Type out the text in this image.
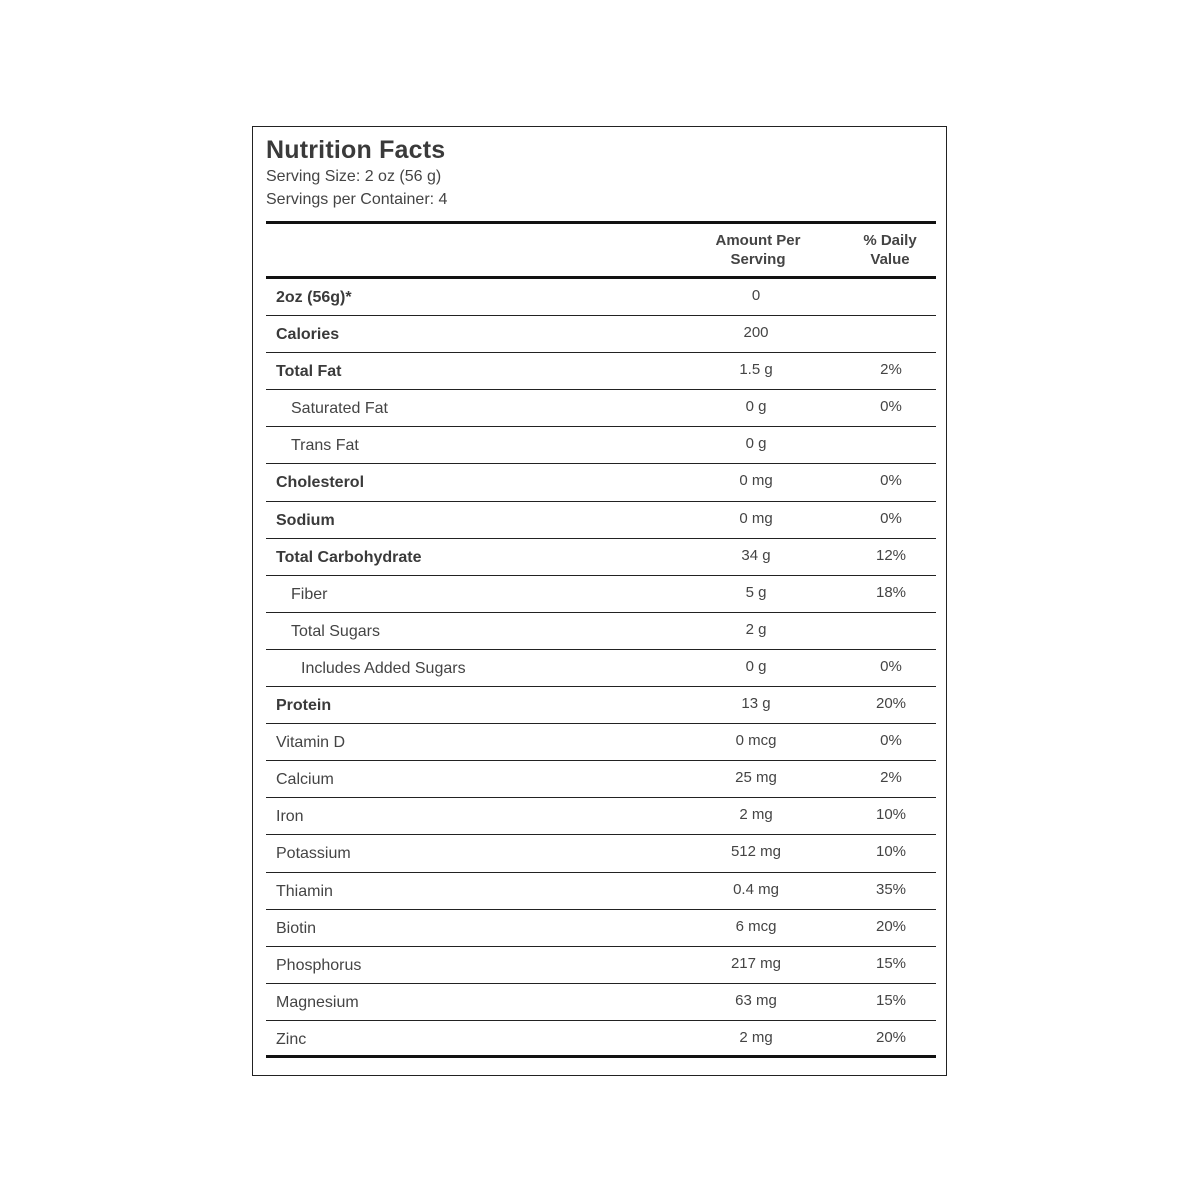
Nutrition Facts
Serving Size: 2 oz (56 g)
Servings per Container: 4
Amount Per
Serving
% Daily
Value
2oz (56g)*	0
Calories	200
Total Fat	1.5 g	2%
Saturated Fat	0 g	0%
Trans Fat	0 g
Cholesterol	0 mg	0%
Sodium	0 mg	0%
Total Carbohydrate	34 g	12%
Fiber	5 g	18%
Total Sugars	2 g
Includes Added Sugars	0 g	0%
Protein	13 g	20%
Vitamin D	0 mcg	0%
Calcium	25 mg	2%
Iron	2 mg	10%
Potassium	512 mg	10%
Thiamin	0.4 mg	35%
Biotin	6 mcg	20%
Phosphorus	217 mg	15%
Magnesium	63 mg	15%
Zinc	2 mg	20%
